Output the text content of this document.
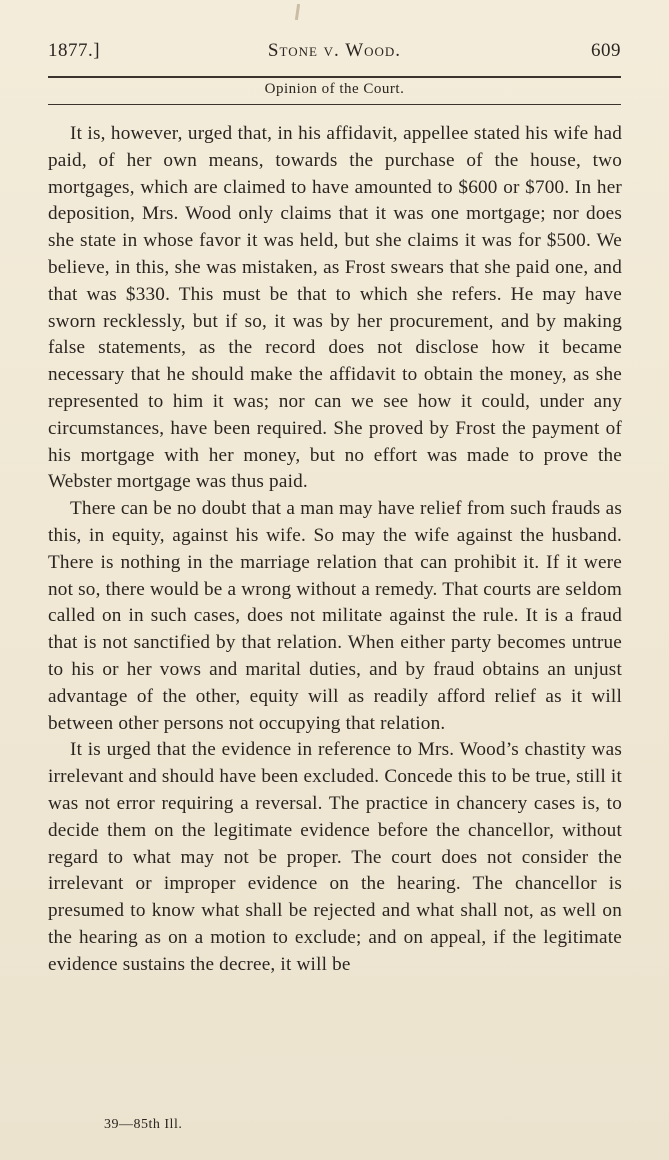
1877.]	Stone v. Wood.	609
Opinion of the Court.

It is, however, urged that, in his affidavit, appellee stated his wife had paid, of her own means, towards the purchase of the house, two mortgages, which are claimed to have amounted to $600 or $700. In her deposition, Mrs. Wood only claims that it was one mortgage; nor does she state in whose favor it was held, but she claims it was for $500. We believe, in this, she was mistaken, as Frost swears that she paid one, and that was $330. This must be that to which she refers. He may have sworn recklessly, but if so, it was by her procurement, and by making false statements, as the record does not disclose how it became necessary that he should make the affidavit to obtain the money, as she represented to him it was; nor can we see how it could, under any circumstances, have been required. She proved by Frost the payment of his mortgage with her money, but no effort was made to prove the Webster mortgage was thus paid.

There can be no doubt that a man may have relief from such frauds as this, in equity, against his wife. So may the wife against the husband. There is nothing in the marriage relation that can prohibit it. If it were not so, there would be a wrong without a remedy. That courts are seldom called on in such cases, does not militate against the rule. It is a fraud that is not sanctified by that relation. When either party becomes untrue to his or her vows and marital duties, and by fraud obtains an unjust advantage of the other, equity will as readily afford relief as it will between other persons not occupying that relation.

It is urged that the evidence in reference to Mrs. Wood’s chastity was irrelevant and should have been excluded. Concede this to be true, still it was not error requiring a reversal. The practice in chancery cases is, to decide them on the legitimate evidence before the chancellor, without regard to what may not be proper. The court does not consider the irrelevant or improper evidence on the hearing. The chancellor is presumed to know what shall be rejected and what shall not, as well on the hearing as on a motion to exclude; and on appeal, if the legitimate evidence sustains the decree, it will be

39—85th Ill.
